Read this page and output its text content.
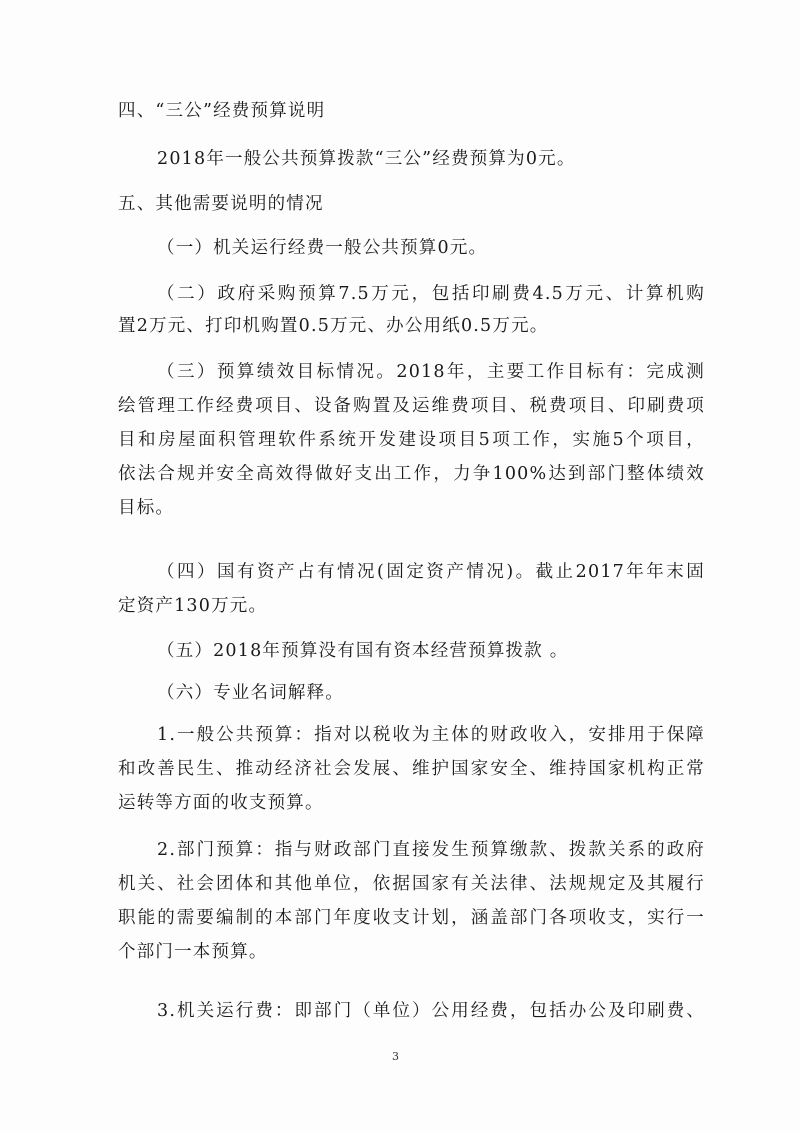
四、“三公”经费预算说明
2018年一般公共预算拨款“三公”经费预算为0元。
五、其他需要说明的情况
（一）机关运行经费一般公共预算0元。
（二）政府采购预算7.5万元，包括印刷费4.5万元、计算机购
置2万元、打印机购置0.5万元、办公用纸0.5万元。
（三）预算绩效目标情况。2018年，主要工作目标有：完成测
绘管理工作经费项目、设备购置及运维费项目、税费项目、印刷费项
目和房屋面积管理软件系统开发建设项目5项工作，实施5个项目，
依法合规并安全高效得做好支出工作，力争100%达到部门整体绩效
目标。
（四）国有资产占有情况(固定资产情况)。截止2017年年末固
定资产130万元。
（五）2018年预算没有国有资本经营预算拨款 。
（六）专业名词解释。
1.一般公共预算：指对以税收为主体的财政收入，安排用于保障
和改善民生、推动经济社会发展、维护国家安全、维持国家机构正常
运转等方面的收支预算。
2.部门预算：指与财政部门直接发生预算缴款、拨款关系的政府
机关、社会团体和其他单位，依据国家有关法律、法规规定及其履行
职能的需要编制的本部门年度收支计划，涵盖部门各项收支，实行一
个部门一本预算。
3.机关运行费：即部门（单位）公用经费，包括办公及印刷费、
3
